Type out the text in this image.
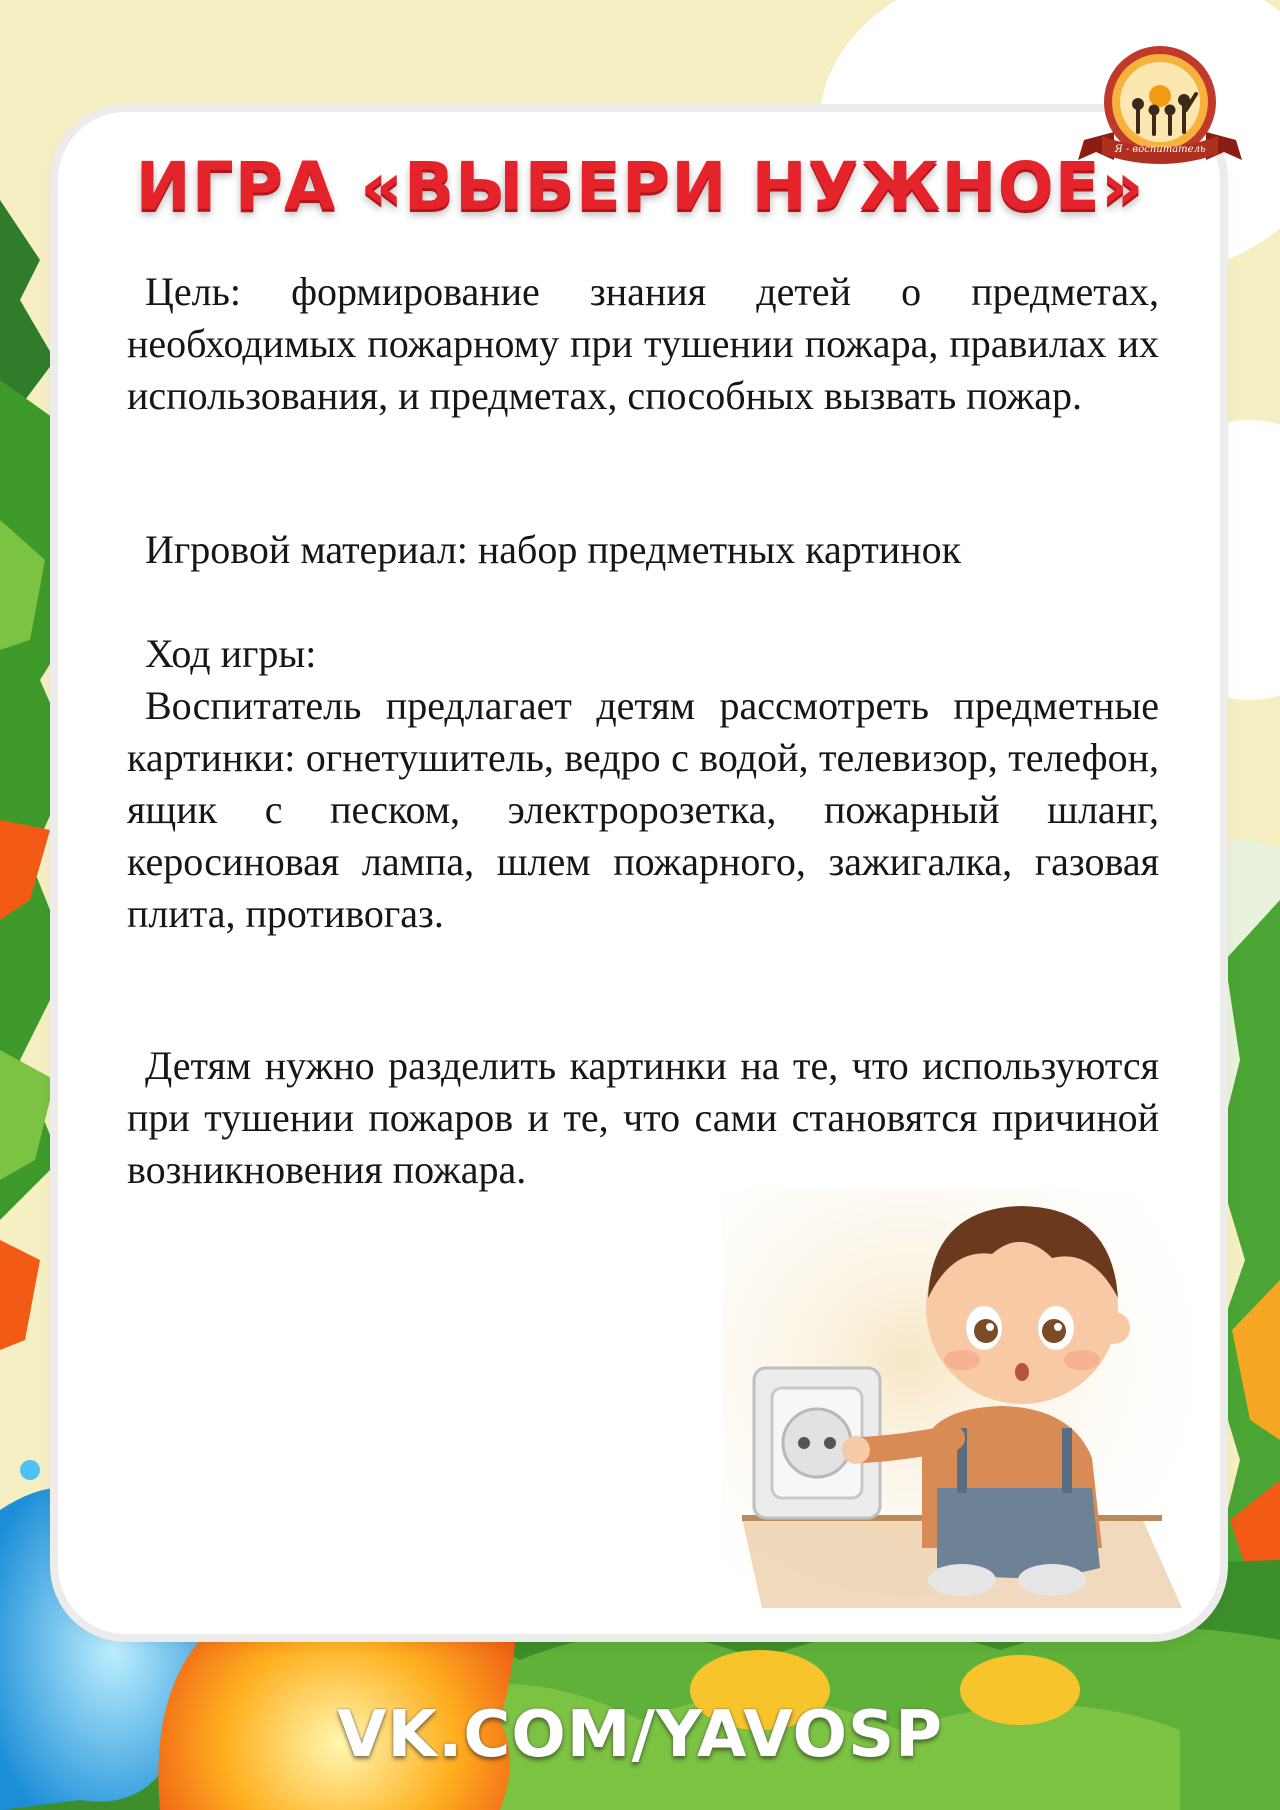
Я - воспитатель
ИГРА «ВЫБЕРИ НУЖНОЕ»

Цель: формирование знания детей о предметах, необходимых пожарному при тушении пожара, правилах их использования, и предметах, способных вызвать пожар.

Игровой материал: набор предметных картинок

Ход игры:

Воспитатель предлагает детям рассмотреть предметные картинки: огнетушитель, ведро с водой, телевизор, телефон, ящик с песком, электророзетка, пожарный шланг, керосиновая лампа, шлем пожарного, зажигалка, газовая плита, противогаз.

Детям нужно разделить картинки на те, что используются при тушении пожаров и те, что сами становятся причиной возникновения пожара.

VK.COM/YAVOSP
